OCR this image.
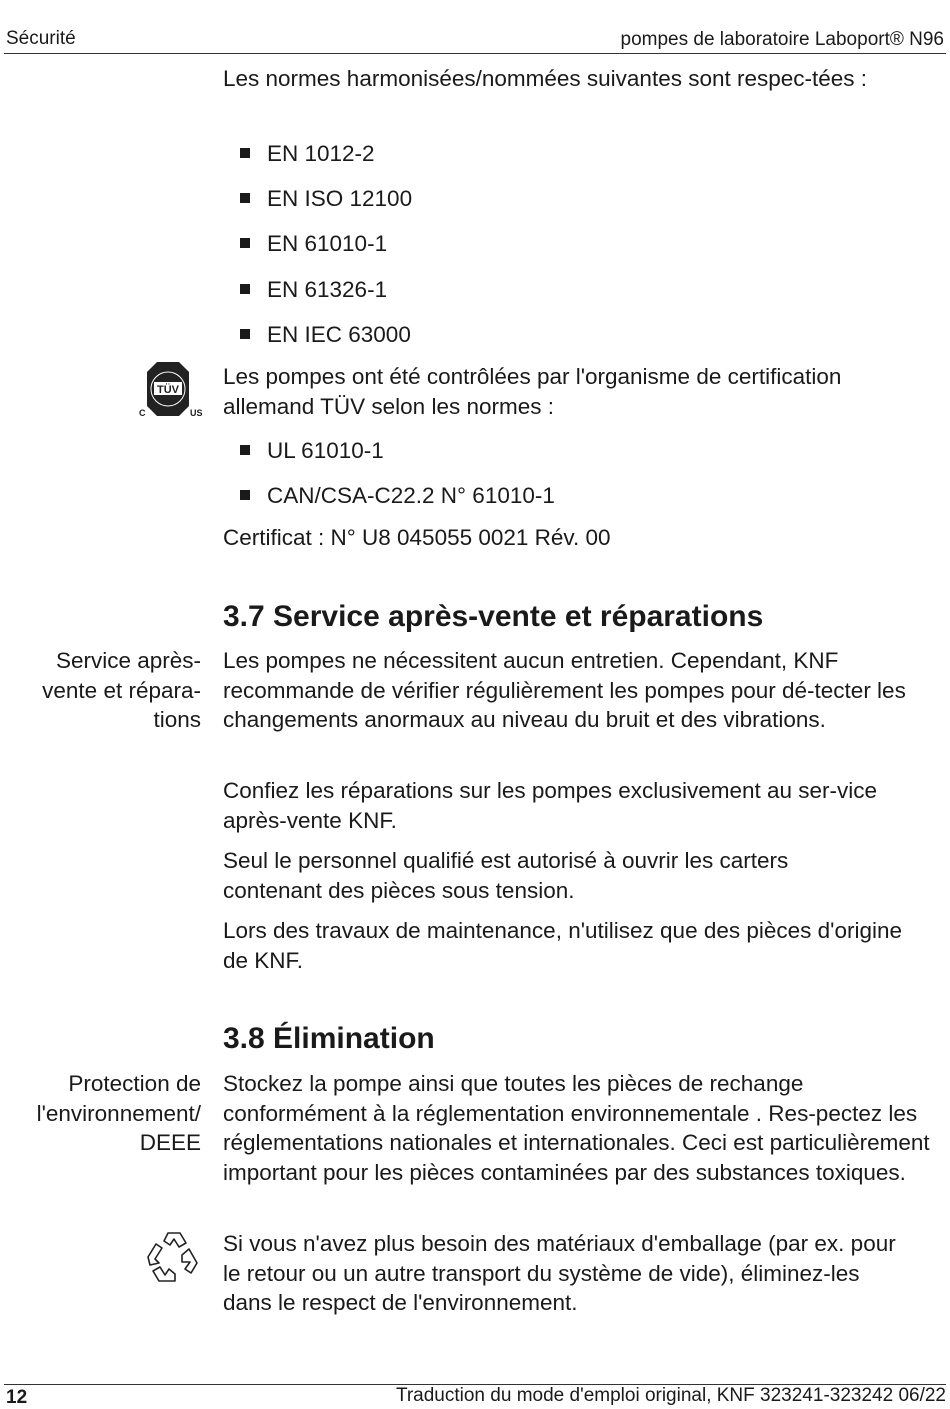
Sécurité	pompes de laboratoire Laboport® N96
Les normes harmonisées/nommées suivantes sont respec-tées :
EN 1012-2
EN ISO 12100
EN 61010-1
EN 61326-1
EN IEC 63000
TÜV
C	US
Les pompes ont été contrôlées par l'organisme de certification allemand TÜV selon les normes :
UL 61010-1
CAN/CSA-C22.2 N° 61010-1
Certificat : N° U8 045055 0021 Rév. 00
3.7 Service après-vente et réparations
Service après-vente et répara-tions
Les pompes ne nécessitent aucun entretien. Cependant, KNF recommande de vérifier régulièrement les pompes pour dé-tecter les changements anormaux au niveau du bruit et des vibrations.
Confiez les réparations sur les pompes exclusivement au ser-vice après-vente KNF.
Seul le personnel qualifié est autorisé à ouvrir les carters contenant des pièces sous tension.
Lors des travaux de maintenance, n'utilisez que des pièces d'origine de KNF.
3.8 Élimination
Protection de l'environnement/ DEEE
Stockez la pompe ainsi que toutes les pièces de rechange conformément à la réglementation environnementale . Res-pectez les réglementations nationales et internationales. Ceci est particulièrement important pour les pièces contaminées par des substances toxiques.
Si vous n'avez plus besoin des matériaux d'emballage (par ex. pour le retour ou un autre transport du système de vide), éliminez-les dans le respect de l'environnement.
12	Traduction du mode d'emploi original, KNF 323241-323242 06/22
